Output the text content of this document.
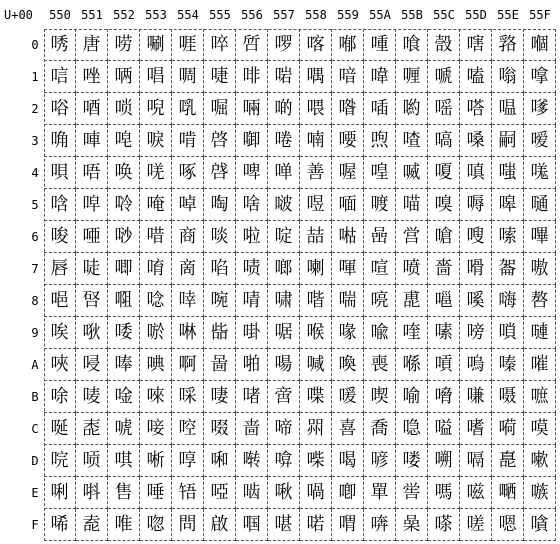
U+00	550 551 552 553 554 555 556 557 558 559 55A 55B 55C 55D 55E 55F
0
1
2
3
4
5
6
7
8
9
A
B
C
D
E
F
唀
唁
唂
唃
唄
唅
唆
唇
唈
唉
唊
唋
唌
唍
唎
唏
唐
唑
唒
唓
唔
唕
唖
唗
唘
唙
唚
唛
唜
唝
唞
唟
唠
唡
唢
唣
唤
唥
唦
唧
唨
唩
唪
唫
唬
唭
售
唯
唰
唱
唲
唳
唴
唵
唶
唷
唸
唹
唺
唻
唼
唽
唾
唿
啀
啁
啂
啃
啄
啅
商
啇
啈
啉
啊
啋
啌
啍
啎
問
啐
啑
啒
啓
啔
啕
啖
啗
啘
啙
啚
啛
啜
啝
啞
啟
啠
啡
啢
啣
啤
啥
啦
啧
啨
啩
啪
啫
啬
啭
啮
啯
啰
啱
啲
啳
啴
啵
啶
啷
啸
啹
啺
啻
啼
啽
啾
啿
喀
喁
喂
喃
善
喅
喆
喇
喈
喉
喊
喋
喌
喍
喎
喏
喐
喑
喒
喓
喔
喕
喖
喗
喘
喙
喚
喛
喜
喝
喞
喟
喠
喡
喢
喣
喤
喥
喦
喧
喨
喩
喪
喫
喬
喭
單
喯
喰
喱
喲
喳
喴
喵
営
喷
喸
喹
喺
喻
喼
喽
喾
喿
嗀
嗁
嗂
嗃
嗄
嗅
嗆
嗇
嗈
嗉
嗊
嗋
嗌
嗍
嗎
嗏
嗐
嗑
嗒
嗓
嗔
嗕
嗖
嗗
嗘
嗙
嗚
嗛
嗜
嗝
嗞
嗟
嗠
嗡
嗢
嗣
嗤
嗥
嗦
嗧
嗨
嗩
嗪
嗫
嗬
嗭
嗮
嗯
嗰
嗱
嗲
嗳
嗴
嗵
嗶
嗷
嗸
嗹
嗺
嗻
嗼
嗽
嗾
嗿
